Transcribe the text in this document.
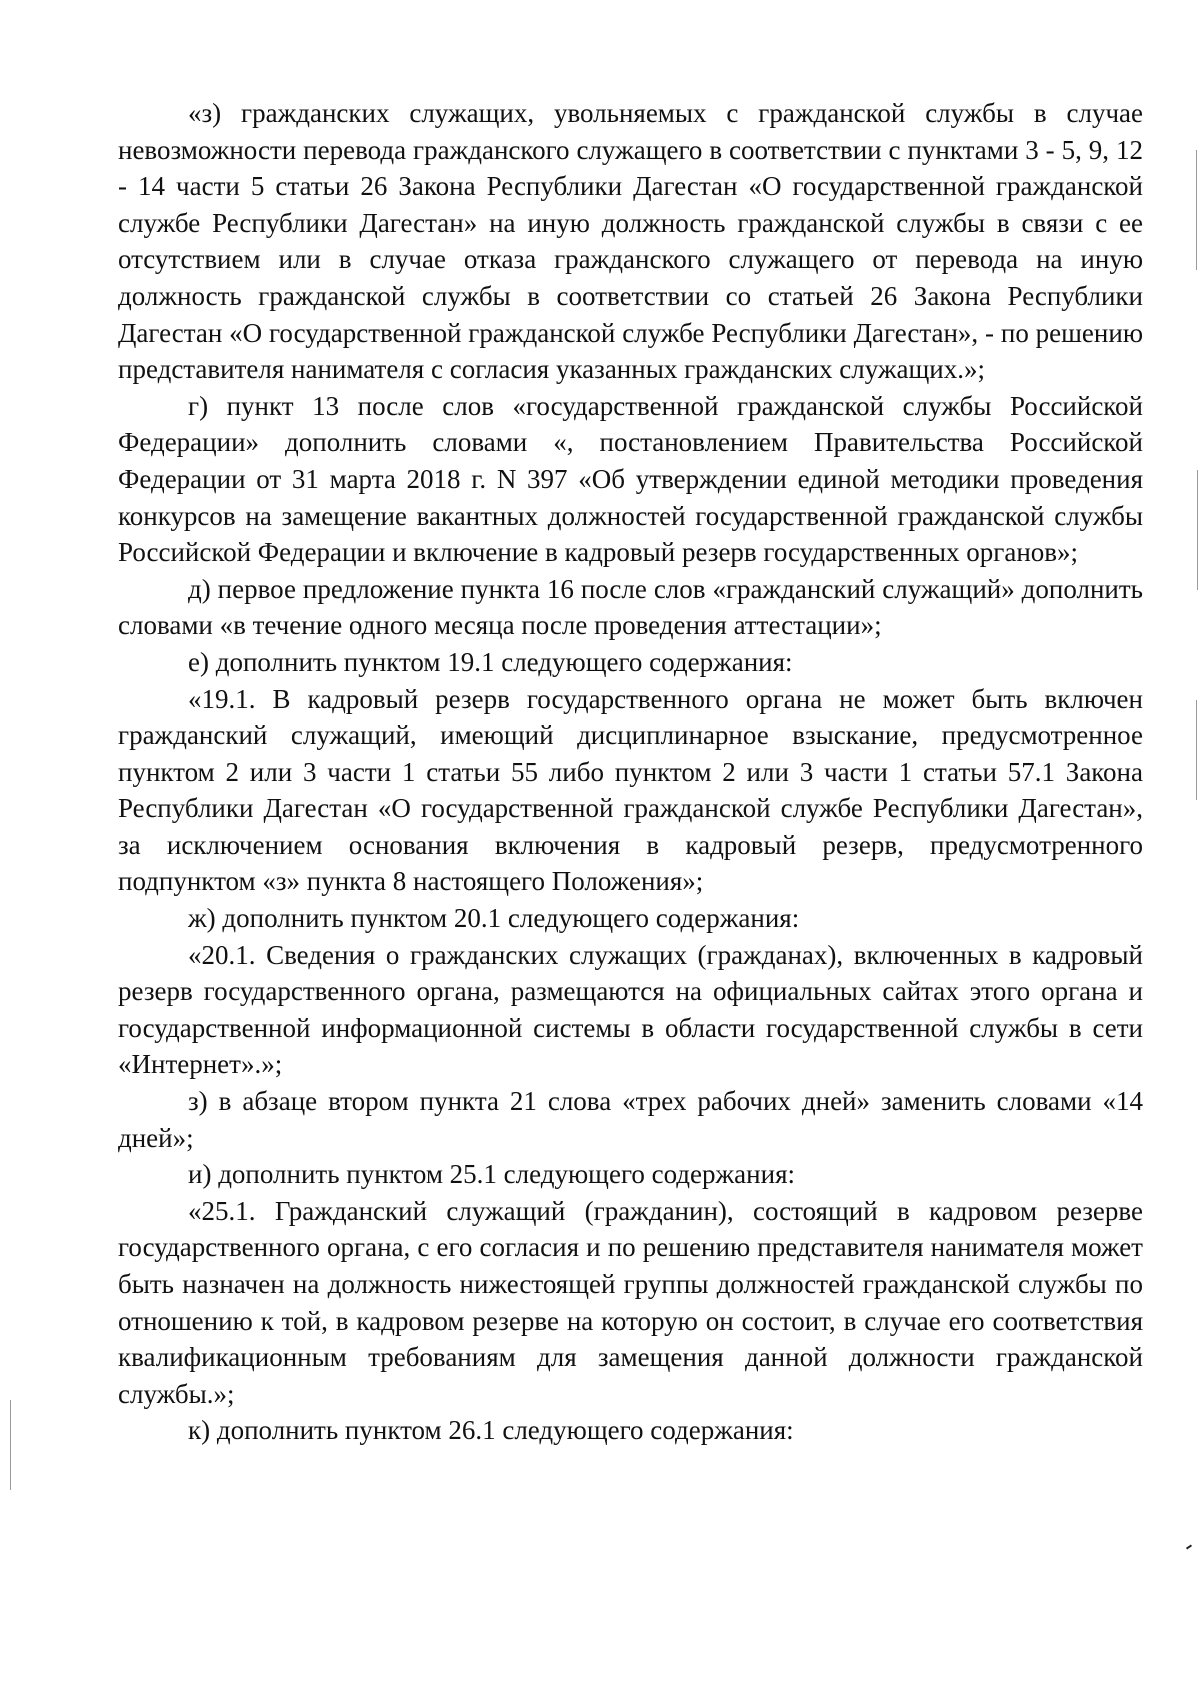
«з) гражданских служащих, увольняемых с гражданской службы в случае невозможности перевода гражданского служащего в соответствии с пунктами 3 - 5, 9, 12 - 14 части 5 статьи 26 Закона Республики Дагестан «О государственной гражданской службе Республики Дагестан» на иную должность гражданской службы в связи с ее отсутствием или в случае отказа гражданского служащего от перевода на иную должность гражданской службы в соответствии со статьей 26 Закона Республики Дагестан «О государственной гражданской службе Республики Дагестан», - по решению представителя нанимателя с согласия указанных гражданских служащих.»;

г) пункт 13 после слов «государственной гражданской службы Российской Федерации» дополнить словами «, постановлением Правительства Российской Федерации от 31 марта 2018 г. N 397 «Об утверждении единой методики проведения конкурсов на замещение вакантных должностей государственной гражданской службы Российской Федерации и включение в кадровый резерв государственных органов»;

д) первое предложение пункта 16 после слов «гражданский служащий» дополнить словами «в течение одного месяца после проведения аттестации»;

е) дополнить пунктом 19.1 следующего содержания:

«19.1. В кадровый резерв государственного органа не может быть включен гражданский служащий, имеющий дисциплинарное взыскание, предусмотренное пунктом 2 или 3 части 1 статьи 55 либо пунктом 2 или 3 части 1 статьи 57.1 Закона Республики Дагестан «О государственной гражданской службе Республики Дагестан», за исключением основания включения в кадровый резерв, предусмотренного подпунктом «з» пункта 8 настоящего Положения»;

ж) дополнить пунктом 20.1 следующего содержания:

«20.1. Сведения о гражданских служащих (гражданах), включенных в кадровый резерв государственного органа, размещаются на официальных сайтах этого органа и государственной информационной системы в области государственной службы в сети «Интернет».»;

з) в абзаце втором пункта 21 слова «трех рабочих дней» заменить словами «14 дней»;

и) дополнить пунктом 25.1 следующего содержания:

«25.1. Гражданский служащий (гражданин), состоящий в кадровом резерве государственного органа, с его согласия и по решению представителя нанимателя может быть назначен на должность нижестоящей группы должностей гражданской службы по отношению к той, в кадровом резерве на которую он состоит, в случае его соответствия квалификационным требованиям для замещения данной должности гражданской службы.»;

к) дополнить пунктом 26.1 следующего содержания:
